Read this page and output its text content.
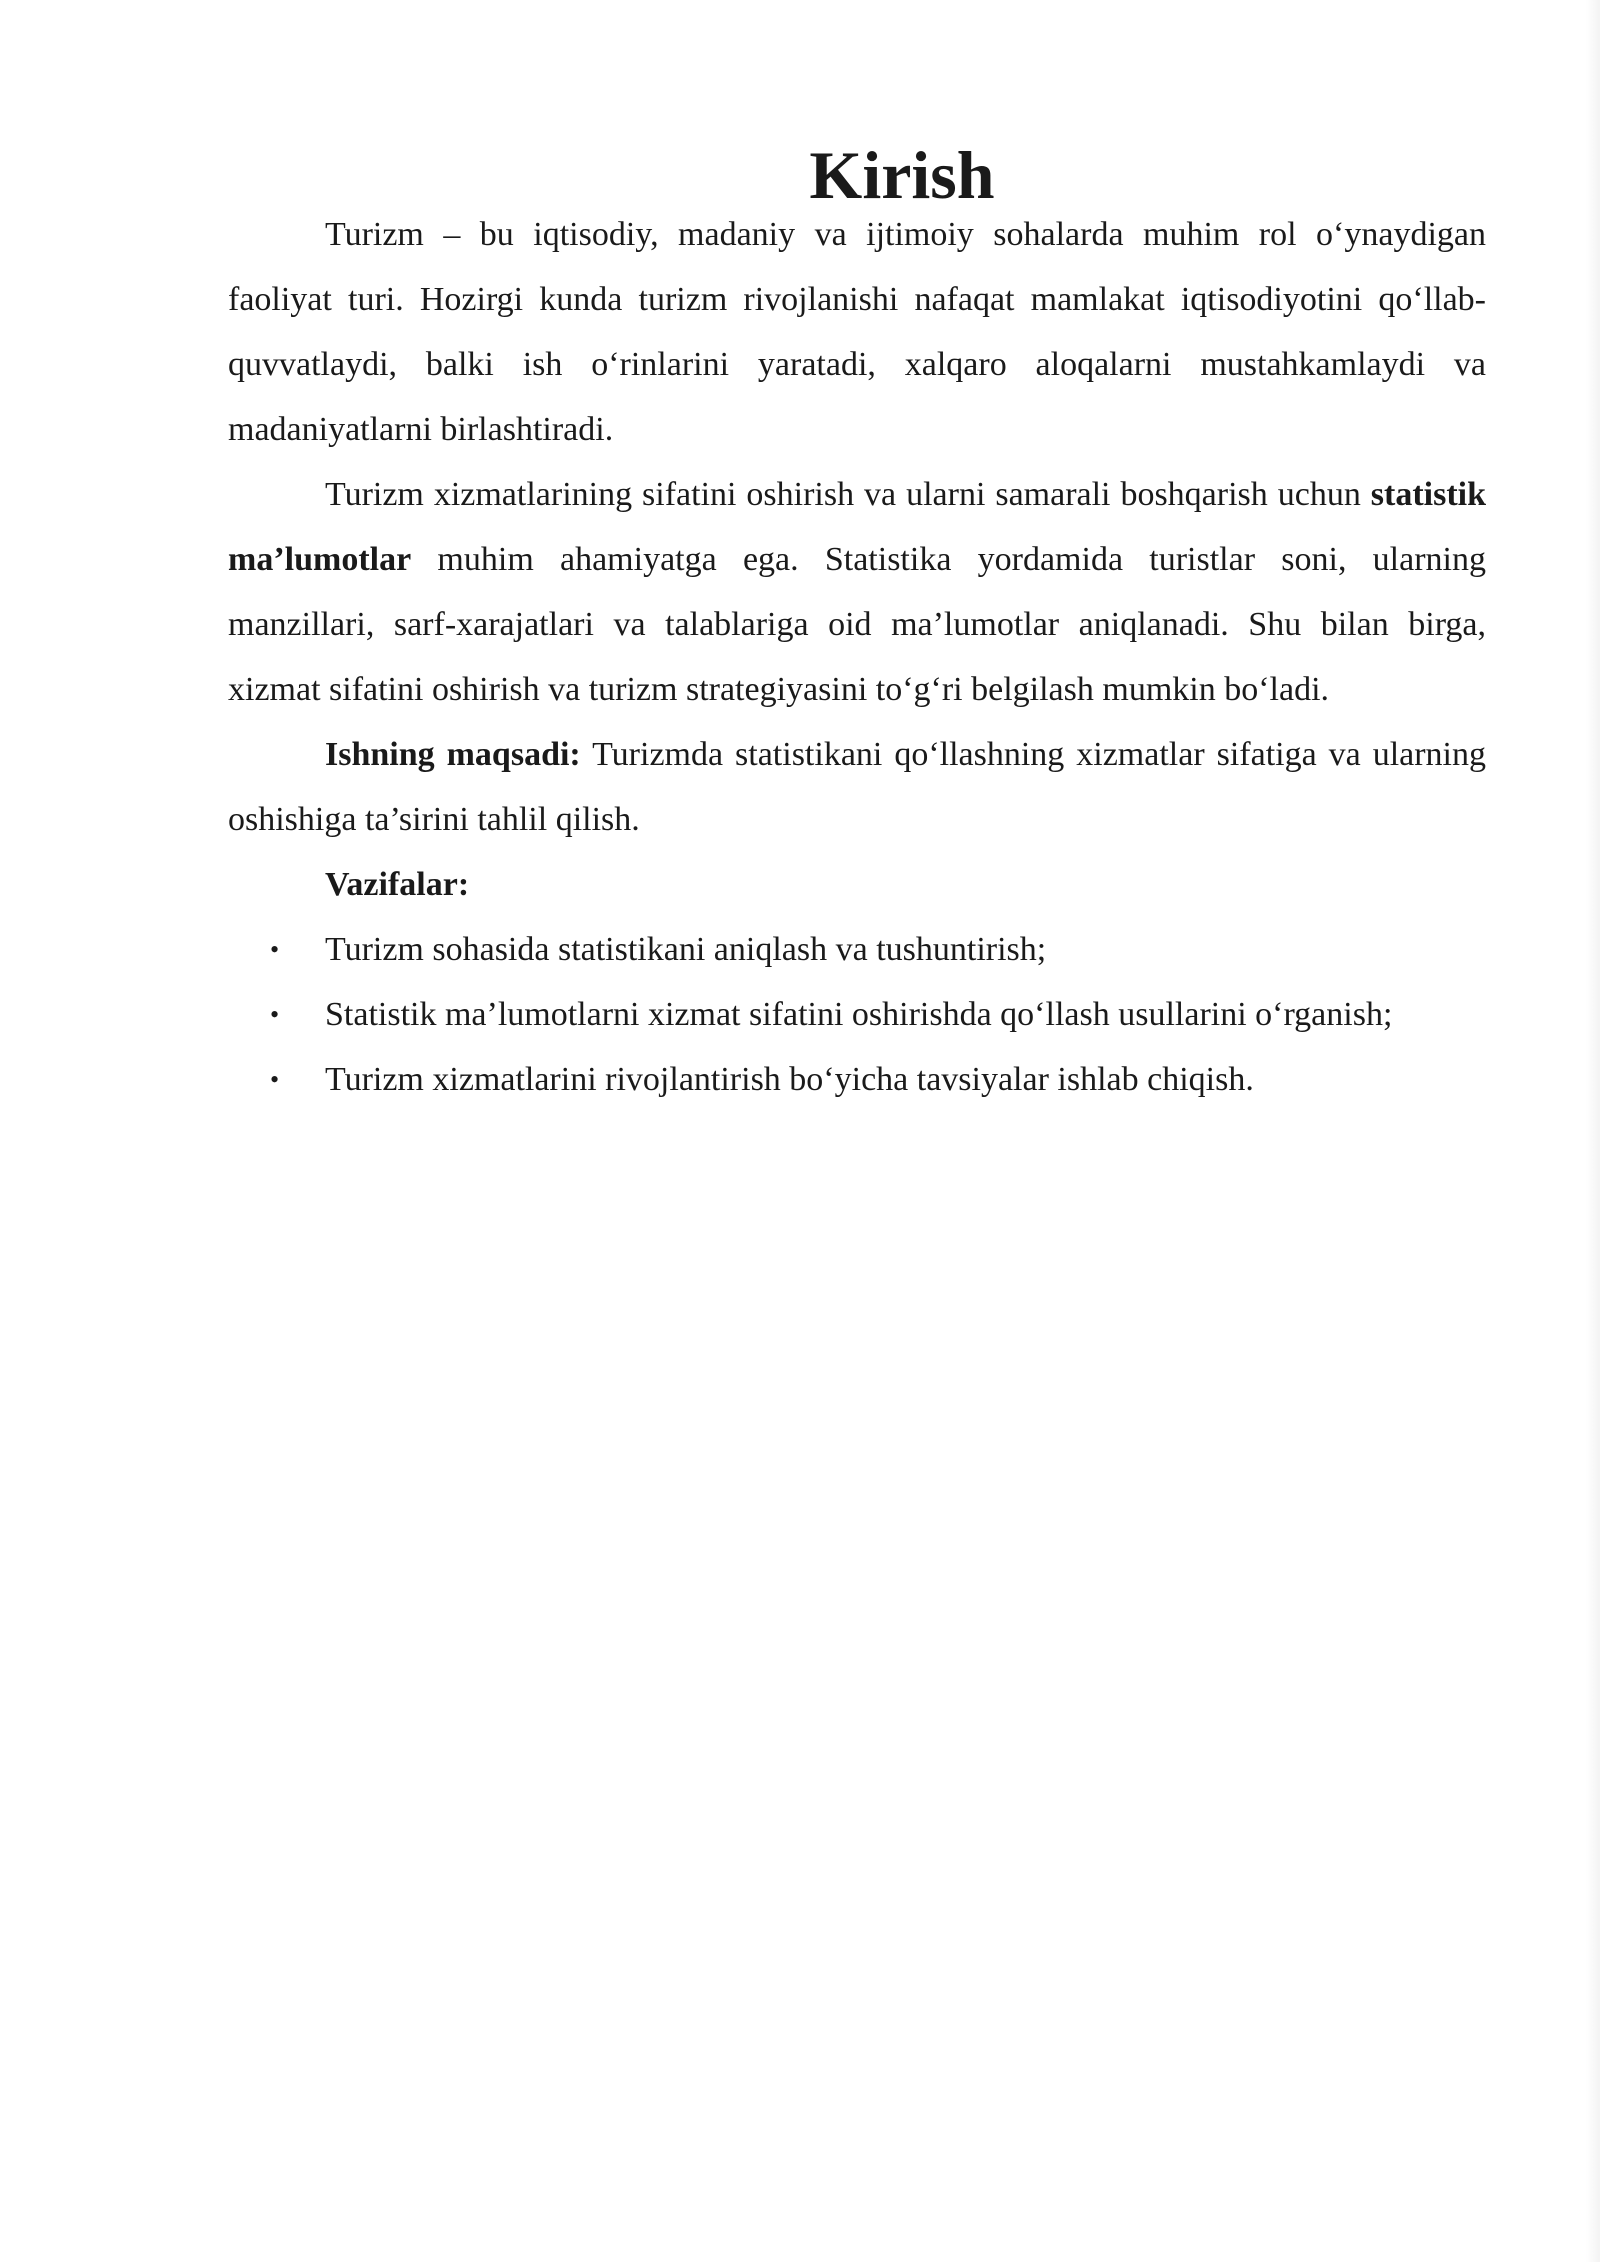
Kirish

Turizm – bu iqtisodiy, madaniy va ijtimoiy sohalarda muhim rol o‘ynaydigan faoliyat turi. Hozirgi kunda turizm rivojlanishi nafaqat mamlakat iqtisodiyotini qo‘llab-quvvatlaydi, balki ish o‘rinlarini yaratadi, xalqaro aloqalarni mustahkamlaydi va madaniyatlarni birlashtiradi.

Turizm xizmatlarining sifatini oshirish va ularni samarali boshqarish uchun statistik ma’lumotlar muhim ahamiyatga ega. Statistika yordamida turistlar soni, ularning manzillari, sarf-xarajatlari va talablariga oid ma’lumotlar aniqlanadi. Shu bilan birga, xizmat sifatini oshirish va turizm strategiyasini to‘g‘ri belgilash mumkin bo‘ladi.

Ishning maqsadi: Turizmda statistikani qo‘llashning xizmatlar sifatiga va ularning oshishiga ta’sirini tahlil qilish.

Vazifalar:

• Turizm sohasida statistikani aniqlash va tushuntirish;
• Statistik ma’lumotlarni xizmat sifatini oshirishda qo‘llash usullarini o‘rganish;
• Turizm xizmatlarini rivojlantirish bo‘yicha tavsiyalar ishlab chiqish.
